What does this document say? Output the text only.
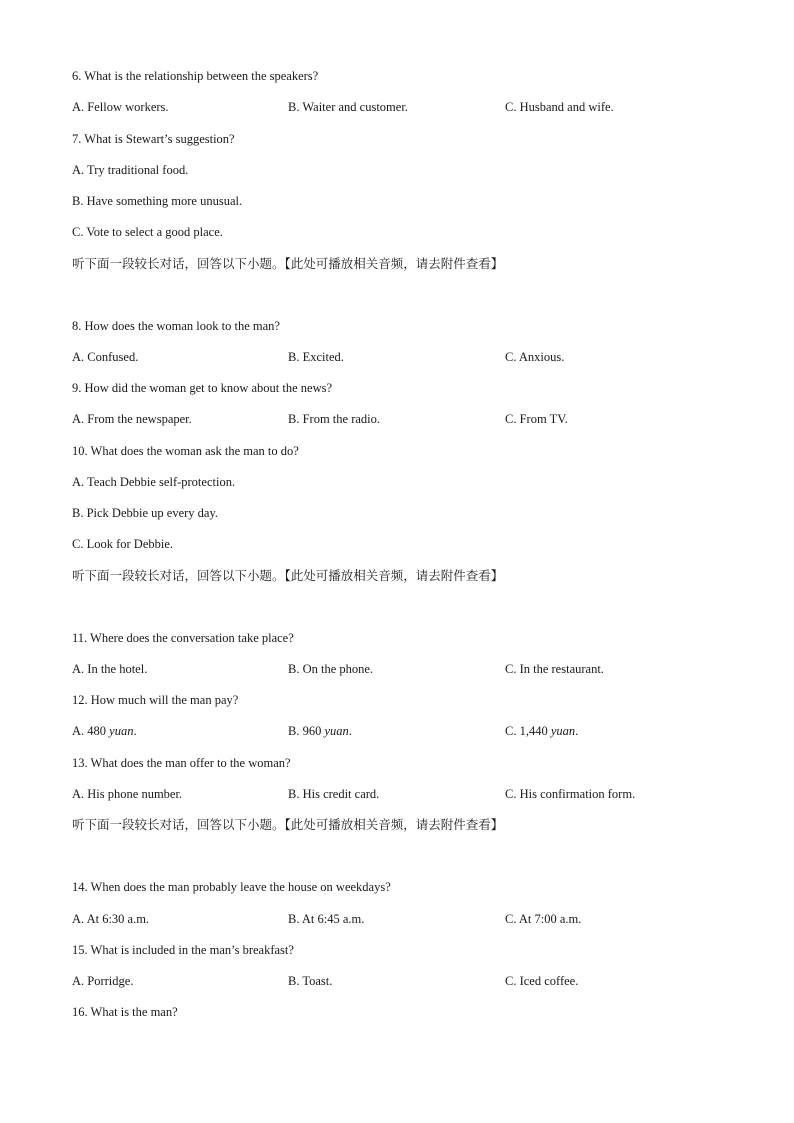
6. What is the relationship between the speakers?
A. Fellow workers.	B. Waiter and customer.	C. Husband and wife.
7. What is Stewart’s suggestion?
A. Try traditional food.
B. Have something more unusual.
C. Vote to select a good place.
听下面一段较长对话，回答以下小题。【此处可播放相关音频，请去附件查看】
8. How does the woman look to the man?
A. Confused.	B. Excited.	C. Anxious.
9. How did the woman get to know about the news?
A. From the newspaper.	B. From the radio.	C. From TV.
10. What does the woman ask the man to do?
A. Teach Debbie self-protection.
B. Pick Debbie up every day.
C. Look for Debbie.
听下面一段较长对话，回答以下小题。【此处可播放相关音频，请去附件查看】
11. Where does the conversation take place?
A. In the hotel.	B. On the phone.	C. In the restaurant.
12. How much will the man pay?
A. 480 yuan.	B. 960 yuan.	C. 1,440 yuan.
13. What does the man offer to the woman?
A. His phone number.	B. His credit card.	C. His confirmation form.
听下面一段较长对话，回答以下小题。【此处可播放相关音频，请去附件查看】
14. When does the man probably leave the house on weekdays?
A. At 6:30 a.m.	B. At 6:45 a.m.	C. At 7:00 a.m.
15. What is included in the man’s breakfast?
A. Porridge.	B. Toast.	C. Iced coffee.
16. What is the man?
